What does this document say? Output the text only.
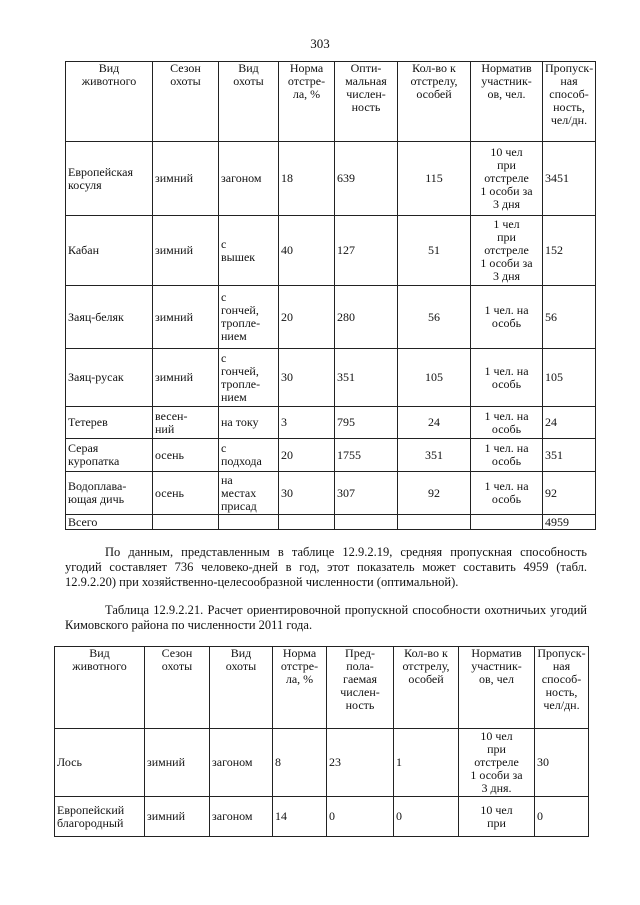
303
Вид
животного	Сезон
охоты	Вид
охоты	Норма
отстре-
ла, %	Опти-
мальная
числен-
ность	Кол-во к
отстрелу,
особей	Норматив
участник-
ов, чел.	Пропуск-
ная
способ-
ность,
чел/дн.
Европейская
косуля	зимний	загоном	18	639	115	10 чел
при
отстреле
1 особи за
3 дня	3451
Кабан	зимний	с
вышек	40	127	51	1 чел
при
отстреле
1 особи за
3 дня	152
Заяц-беляк	зимний	с
гончей,
тропле-
нием	20	280	56	1 чел. на
особь	56
Заяц-русак	зимний	с
гончей,
тропле-
нием	30	351	105	1 чел. на
особь	105
Тетерев	весен-
ний	на току	3	795	24	1 чел. на
особь	24
Серая
куропатка	осень	с
подхода	20	1755	351	1 чел. на
особь	351
Водоплава-
ющая дичь	осень	на
местах
присад	30	307	92	1 чел. на
особь	92
Всего							4959
По данным, представленным в таблице 12.9.2.19, средняя пропускная способность угодий составляет 736 человеко-дней в год, этот показатель может составить 4959 (табл. 12.9.2.20) при хозяйственно-целесообразной численности (оптимальной).
Таблица 12.9.2.21. Расчет ориентировочной пропускной способности охотничьих угодий Кимовского района по численности 2011 года.
Вид
животного	Сезон
охоты	Вид
охоты	Норма
отстре-
ла, %	Пред-
пола-
гаемая
числен-
ность	Кол-во к
отстрелу,
особей	Норматив
участник-
ов, чел	Пропуск-
ная
способ-
ность,
чел/дн.
Лось	зимний	загоном	8	23	1	10 чел
при
отстреле
1 особи за
3 дня.	30
Европейский
благородный	зимний	загоном	14	0	0	10 чел
при	0
